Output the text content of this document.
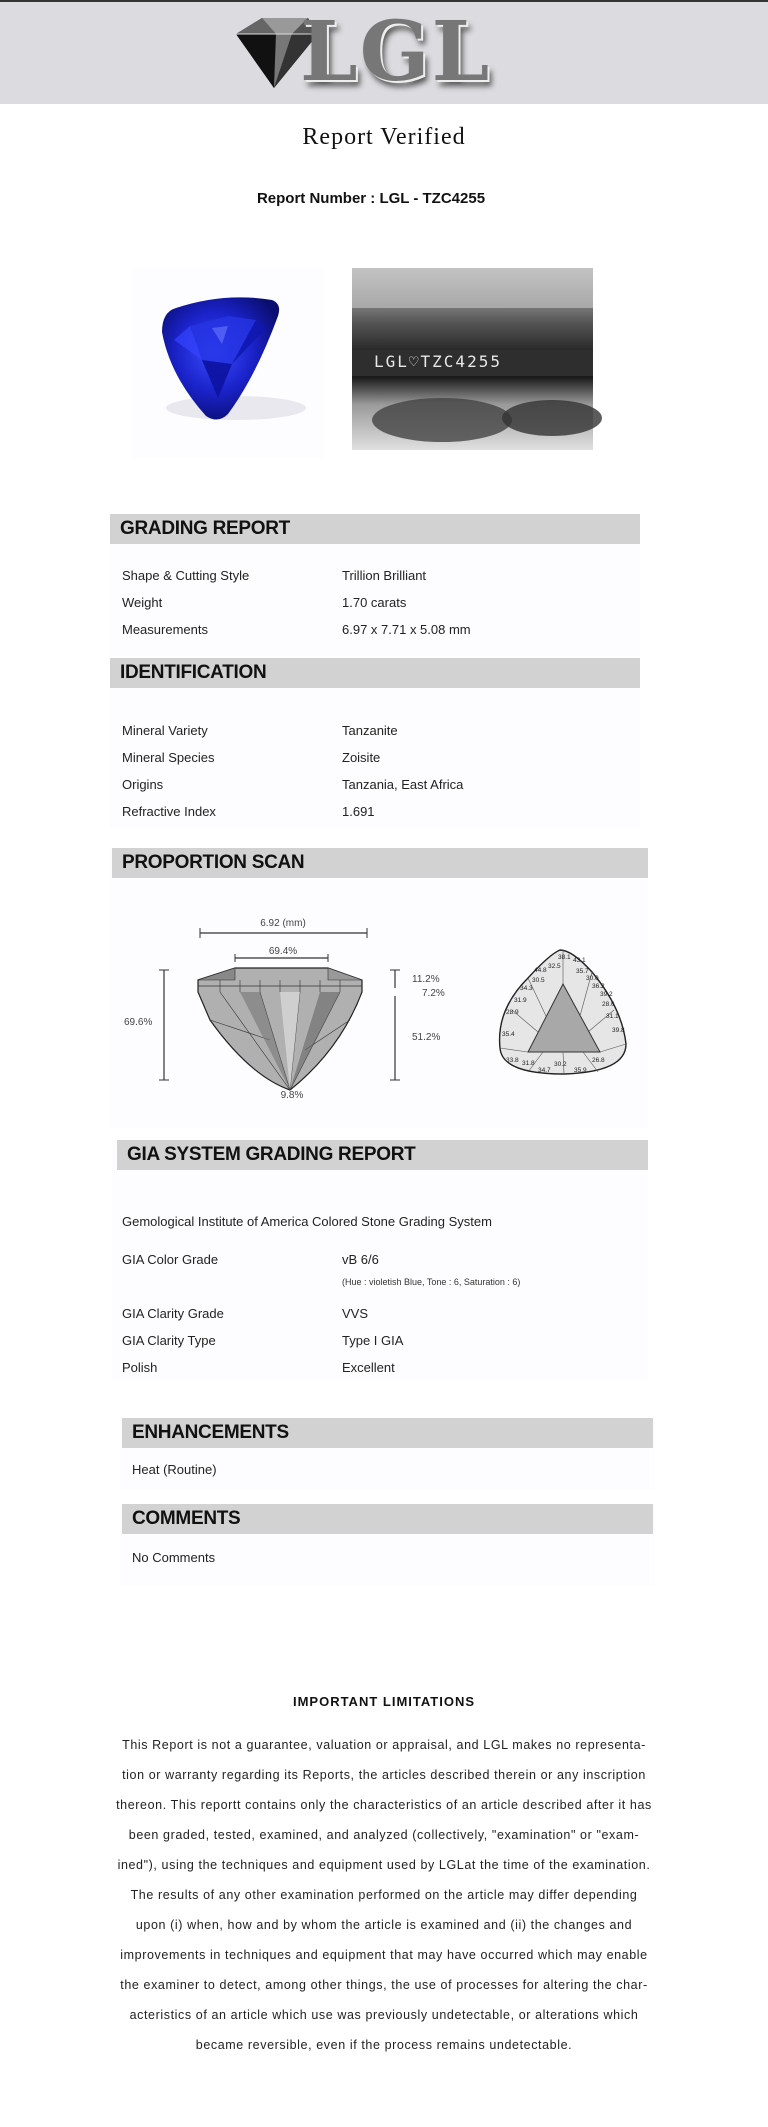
LGL
Report Verified
Report Number : LGL - TZC4255
LGL♡TZC4255
GRADING REPORT
Shape & Cutting Style	Trillion Brilliant
Weight	1.70 carats
Measurements	6.97 x 7.71 x 5.08 mm
IDENTIFICATION
Mineral Variety	Tanzanite
Mineral Species	Zoisite
Origins	Tanzania, East Africa
Refractive Index	1.691
PROPORTION SCAN
6.92 (mm)
69.4%
69.6%
11.2%
7.2%
51.2%
9.8%
38.1 43.1
32.5
35.7
30.0
44.8
30.5
36.2
39.2
34.3
31.9
28.6
31.1
39.8
35.4
30.2
28.9
31.8
33.8
34.7	35.9
26.8
GIA SYSTEM GRADING REPORT
Gemological Institute of America Colored Stone Grading System
GIA Color Grade	vB 6/6
(Hue : violetish Blue, Tone : 6, Saturation : 6)
GIA Clarity Grade	VVS
GIA Clarity Type	Type I GIA
Polish	Excellent
ENHANCEMENTS
Heat (Routine)
COMMENTS
No Comments
IMPORTANT LIMITATIONS
This Report is not a guarantee, valuation or appraisal, and LGL makes no representa-
tion or warranty regarding its Reports, the articles described therein or any inscription
thereon. This reportt contains only the characteristics of an article described after it has
been graded, tested, examined, and analyzed (collectively, "examination" or "exam-
ined"), using the techniques and equipment used by LGLat the time of the examination.
The results of any other examination performed on the article may differ depending
upon (i) when, how and by whom the article is examined and (ii) the changes and
improvements in techniques and equipment that may have occurred which may enable
the examiner to detect, among other things, the use of processes for altering the char-
acteristics of an article which use was previously undetectable, or alterations which
became reversible, even if the process remains undetectable.
